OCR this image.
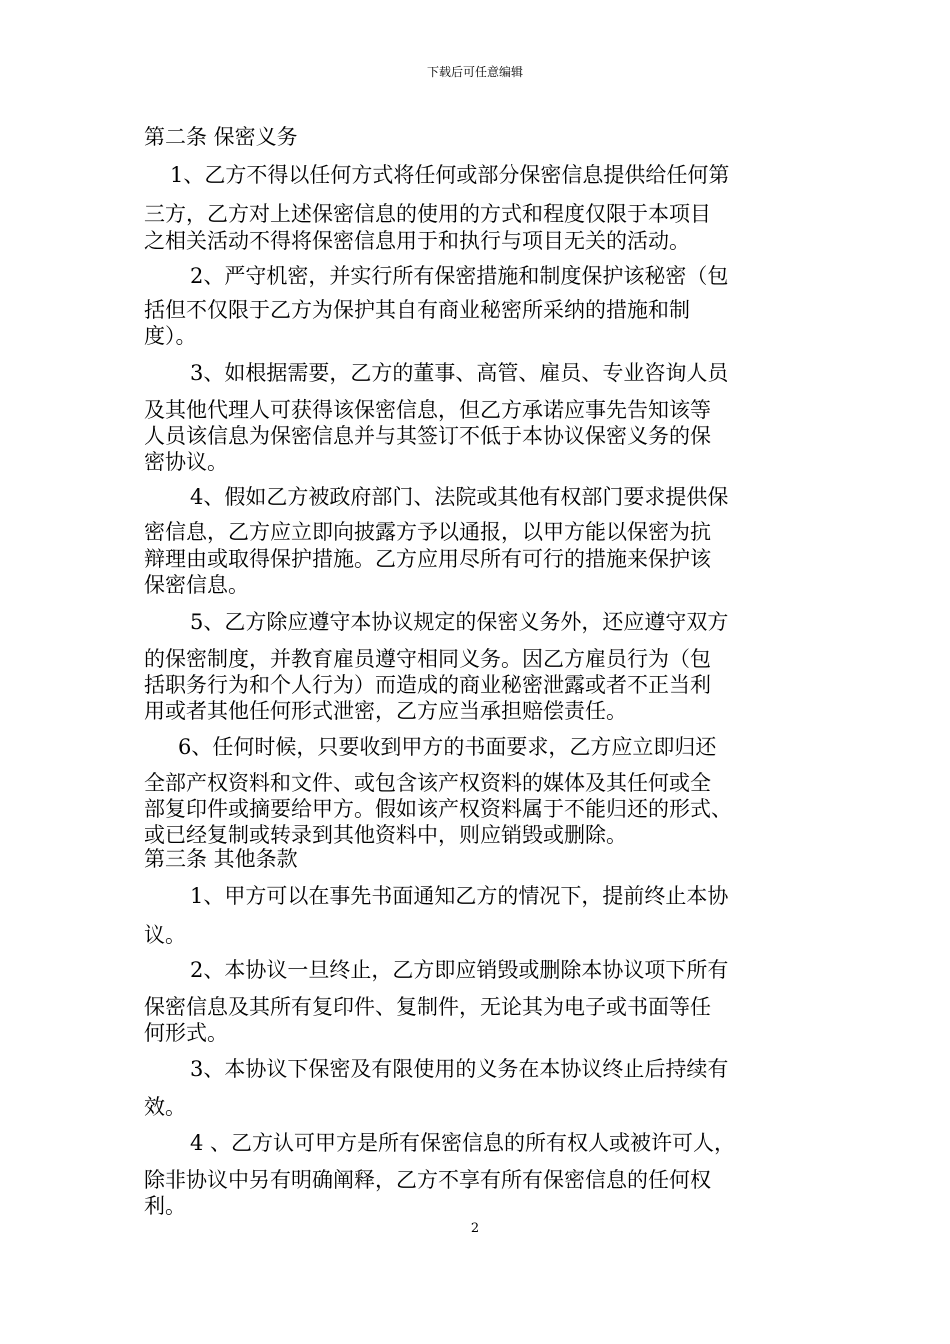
下载后可任意编辑
第二条 保密义务
1、乙方不得以任何方式将任何或部分保密信息提供给任何第
三方，乙方对上述保密信息的使用的方式和程度仅限于本项目
之相关活动不得将保密信息用于和执行与项目无关的活动。
2、严守机密，并实行所有保密措施和制度保护该秘密（包
括但不仅限于乙方为保护其自有商业秘密所采纳的措施和制
度）。
3、如根据需要，乙方的董事、高管、雇员、专业咨询人员
及其他代理人可获得该保密信息，但乙方承诺应事先告知该等
人员该信息为保密信息并与其签订不低于本协议保密义务的保
密协议。
4、假如乙方被政府部门、法院或其他有权部门要求提供保
密信息，乙方应立即向披露方予以通报，以甲方能以保密为抗
辩理由或取得保护措施。乙方应用尽所有可行的措施来保护该
保密信息。
5、乙方除应遵守本协议规定的保密义务外，还应遵守双方
的保密制度，并教育雇员遵守相同义务。因乙方雇员行为（包
括职务行为和个人行为）而造成的商业秘密泄露或者不正当利
用或者其他任何形式泄密，乙方应当承担赔偿责任。
6、任何时候，只要收到甲方的书面要求，乙方应立即归还
全部产权资料和文件、或包含该产权资料的媒体及其任何或全
部复印件或摘要给甲方。假如该产权资料属于不能归还的形式、
或已经复制或转录到其他资料中，则应销毁或删除。
第三条 其他条款
1、甲方可以在事先书面通知乙方的情况下，提前终止本协
议。
2、本协议一旦终止，乙方即应销毁或删除本协议项下所有
保密信息及其所有复印件、复制件，无论其为电子或书面等任
何形式。
3、本协议下保密及有限使用的义务在本协议终止后持续有
效。
4 、乙方认可甲方是所有保密信息的所有权人或被许可人，
除非协议中另有明确阐释，乙方不享有所有保密信息的任何权
利。
2
